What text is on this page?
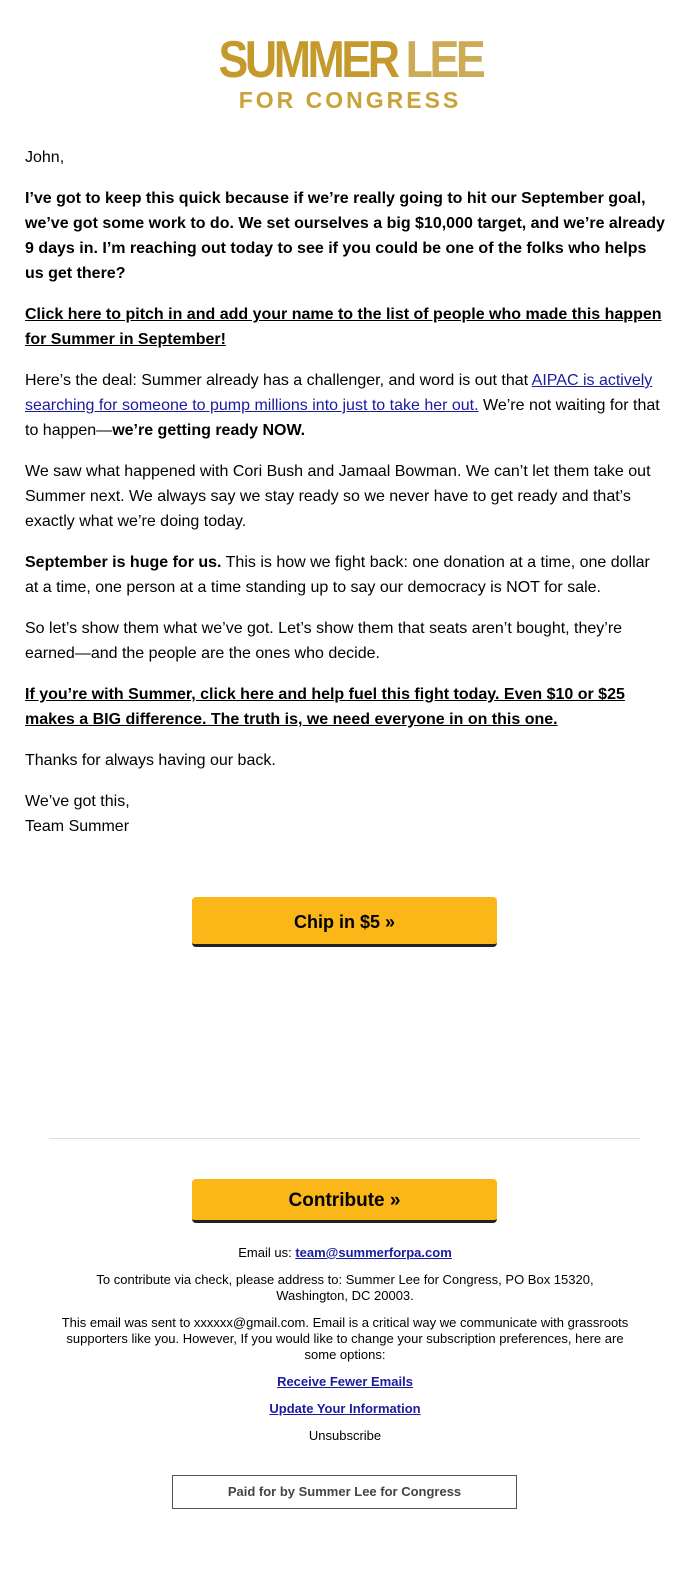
SUMMER LEE
FOR CONGRESS

John,

I’ve got to keep this quick because if we’re really going to hit our September goal, we’ve got some work to do. We set ourselves a big $10,000 target, and we’re already 9 days in. I’m reaching out today to see if you could be one of the folks who helps us get there?

Click here to pitch in and add your name to the list of people who made this happen for Summer in September!

Here’s the deal: Summer already has a challenger, and word is out that AIPAC is actively searching for someone to pump millions into just to take her out. We’re not waiting for that to happen—we’re getting ready NOW.

We saw what happened with Cori Bush and Jamaal Bowman. We can’t let them take out Summer next. We always say we stay ready so we never have to get ready and that’s exactly what we’re doing today.

September is huge for us. This is how we fight back: one donation at a time, one dollar at a time, one person at a time standing up to say our democracy is NOT for sale.

So let’s show them what we’ve got. Let’s show them that seats aren’t bought, they’re earned—and the people are the ones who decide.

If you’re with Summer, click here and help fuel this fight today. Even $10 or $25 makes a BIG difference. The truth is, we need everyone in on this one.

Thanks for always having our back.

We’ve got this,
Team Summer

Chip in $5 »
Contribute »

Email us: team@summerforpa.com

To contribute via check, please address to: Summer Lee for Congress, PO Box 15320, Washington, DC 20003.

This email was sent to xxxxxx@gmail.com. Email is a critical way we communicate with grassroots supporters like you. However, If you would like to change your subscription preferences, here are some options:

Receive Fewer Emails

Update Your Information

Unsubscribe

Paid for by Summer Lee for Congress
